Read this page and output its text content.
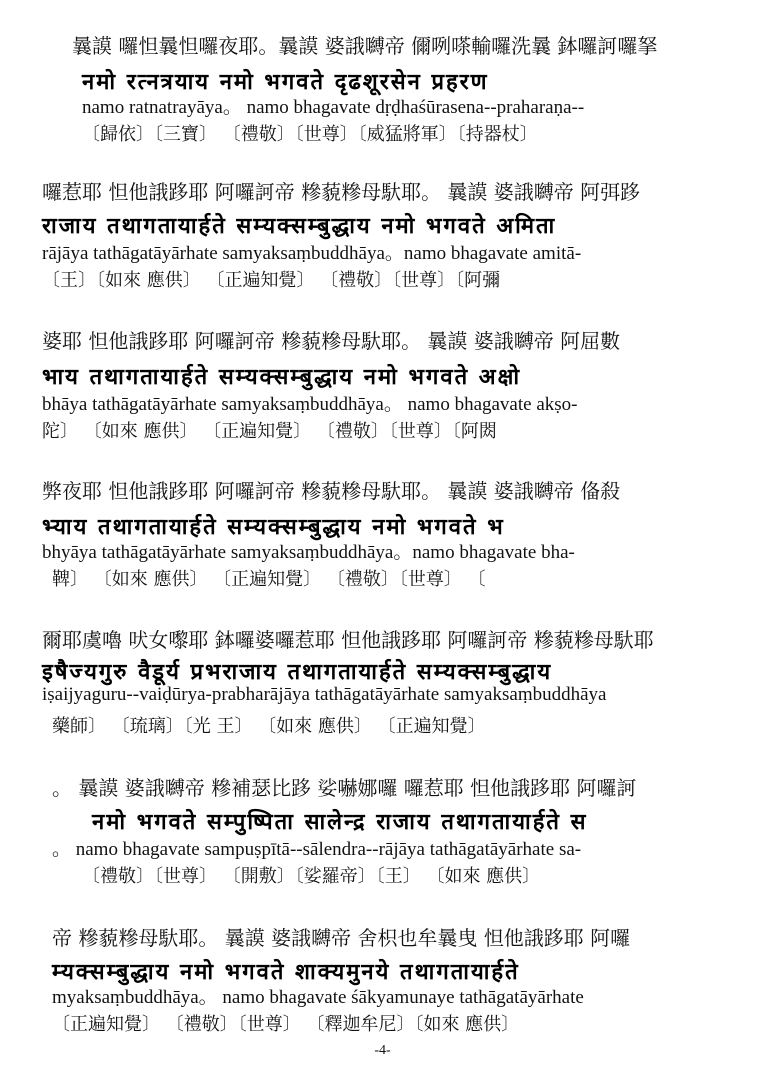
曩謨 囉怛曩怛囉夜耶。曩謨 婆誐嚩帝 儞咧嗏輸囉洗曩 鉢囉訶囉拏
नमो रत्नत्रयाय नमो भगवते दृढशूरसेन प्रहरण
namo ratnatrayāya。 namo bhagavate dṛḍhaśūrasena--praharaṇa--
〔歸依〕〔三寶〕 〔禮敬〕〔世尊〕〔威猛將軍〕〔持器杖〕
囉惹耶 怛他誐跢耶 阿囉訶帝 糝藐糝母馱耶。 曩謨 婆誐嚩帝 阿弭跢
राजाय तथागतायार्हते सम्यक्सम्बुद्धाय नमो भगवते अमिता
rājāya tathāgatāyārhate samyaksaṃbuddhāya。namo bhagavate amitā-
〔王〕〔如來 應供〕 〔正遍知覺〕 〔禮敬〕〔世尊〕〔阿彌
婆耶 怛他誐跢耶 阿囉訶帝 糝藐糝母馱耶。 曩謨 婆誐嚩帝 阿屈數
भाय तथागतायार्हते सम्यक्सम्बुद्धाय नमो भगवते अक्षो
bhāya tathāgatāyārhate samyaksaṃbuddhāya。 namo bhagavate akṣo-
陀〕 〔如來 應供〕 〔正遍知覺〕 〔禮敬〕〔世尊〕〔阿閦
弊夜耶 怛他誐跢耶 阿囉訶帝 糝藐糝母馱耶。 曩謨 婆誐嚩帝 俻殺
भ्याय तथागतायार्हते सम्यक्सम्बुद्धाय नमो भगवते भ
bhyāya tathāgatāyārhate samyaksaṃbuddhāya。namo bhagavate bha-
鞞〕 〔如來 應供〕 〔正遍知覺〕 〔禮敬〕〔世尊〕 〔
爾耶虞嚕 吠女嚟耶 鉢囉婆囉惹耶 怛他誐跢耶 阿囉訶帝 糝藐糝母馱耶
इषैज्यगुरु वैडूर्य प्रभराजाय तथागतायार्हते सम्यक्सम्बुद्धाय
iṣaijyaguru--vaiḍūrya-prabharājāya tathāgatāyārhate samyaksaṃbuddhāya
藥師〕 〔琉璃〕〔光 王〕 〔如來 應供〕 〔正遍知覺〕
。 曩謨 婆誐嚩帝 糝補瑟比跢 娑嚇娜囉 囉惹耶 怛他誐跢耶 阿囉訶
नमो भगवते सम्पुष्पिता सालेन्द्र राजाय तथागतायार्हते स
。 namo bhagavate sampuṣpītā--sālendra--rājāya tathāgatāyārhate sa-
〔禮敬〕〔世尊〕 〔開敷〕〔娑羅帝〕〔王〕 〔如來 應供〕
帝 糝藐糝母馱耶。 曩謨 婆誐嚩帝 舍枳也牟曩曳 怛他誐跢耶 阿囉
म्यक्सम्बुद्धाय नमो भगवते शाक्यमुनये तथागतायार्हते
myaksaṃbuddhāya。 namo bhagavate śākyamunaye tathāgatāyārhate
〔正遍知覺〕 〔禮敬〕〔世尊〕 〔釋迦牟尼〕〔如來 應供〕
-4-
